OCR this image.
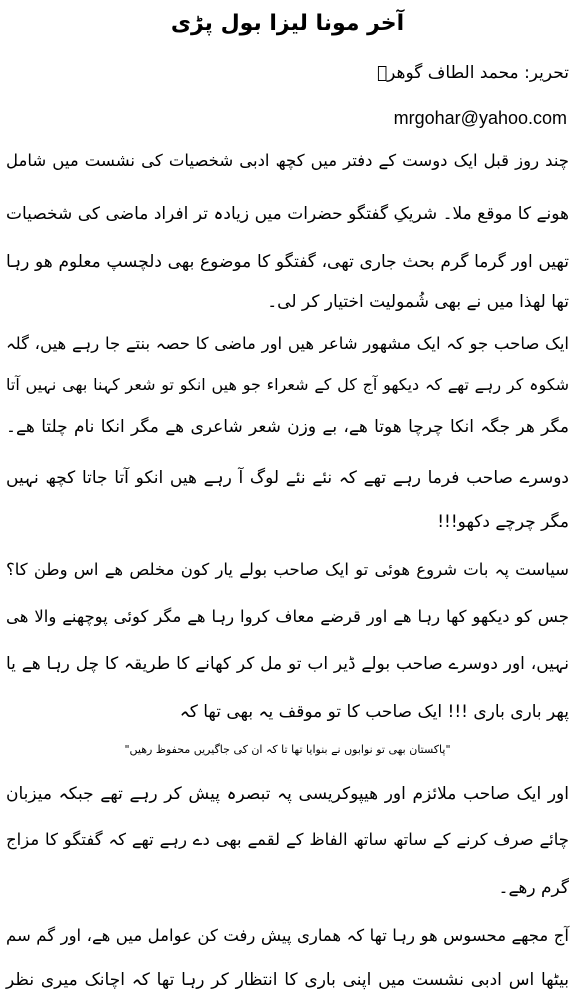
آخر مونا لیزا بول پڑی
تحریر: محمد الطاف گوھرؔ
mrgohar@yahoo.com
چند روز قبل ایک دوست کے دفتر میں کچھ ادبی شخصیات کی نشست میں شامل
ھونے کا موقع ملا۔ شریکِ گفتگو حضرات میں زیادہ تر افراد ماضی کی شخصیات
تھیں اور گرما گرم بحث جاری تھی، گفتگو کا موضوع بھی دلچسپ معلوم ھو رہا
تھا لھذا میں نے بھی شُمولیت اختیار کر لی۔
ایک صاحب جو کہ ایک مشھور شاعر ھیں اور ماضی کا حصہ بنتے جا رہے ھیں، گلہ
شکوہ کر رہے تھے کہ دیکھو آج کل کے شعراء جو ھیں انکو تو شعر کہنا بھی نہیں آتا
مگر ھر جگہ انکا چرچا ھوتا ھے، بے وزن شعر شاعری ھے مگر انکا نام چلتا ھے۔
دوسرے صاحب فرما رہے تھے کہ نئے نئے لوگ آ رہے ھیں انکو آتا جاتا کچھ نہیں
مگر چرچے دکھو!!!
سیاست پہ بات شروع ھوئی تو ایک صاحب بولے یار کون مخلص ھے اس وطن کا؟
جس کو دیکھو کھا رہا ھے اور قرضے معاف کروا رہا ھے مگر کوئی پوچھنے والا ھی
نہیں، اور دوسرے صاحب بولے ڈیر اب تو مل کر کھانے کا طریقہ کا چل رہا ھے یا
پھر باری باری !!! ایک صاحب کا تو موقف یہ بھی تھا کہ
"پاکستان بھی تو نوابوں نے بنوایا تھا تا کہ ان کی جاگیریں محفوظ رھیں"
اور ایک صاحب ملائزم اور ھیپوکریسی پہ تبصرہ پیش کر رہے تھے جبکہ میزبان
چائے صرف کرنے کے ساتھ ساتھ الفاظ کے لقمے بھی دے رہے تھے کہ گفتگو کا مزاج
گرم رھے۔
آج مجھے محسوس ھو رہا تھا کہ ھماری پیش رفت کن عوامل میں ھے، اور گم سم
بیٹھا اس ادبی نشست میں اپنی باری کا انتظار کر رہا تھا کہ اچانک میری نظر
